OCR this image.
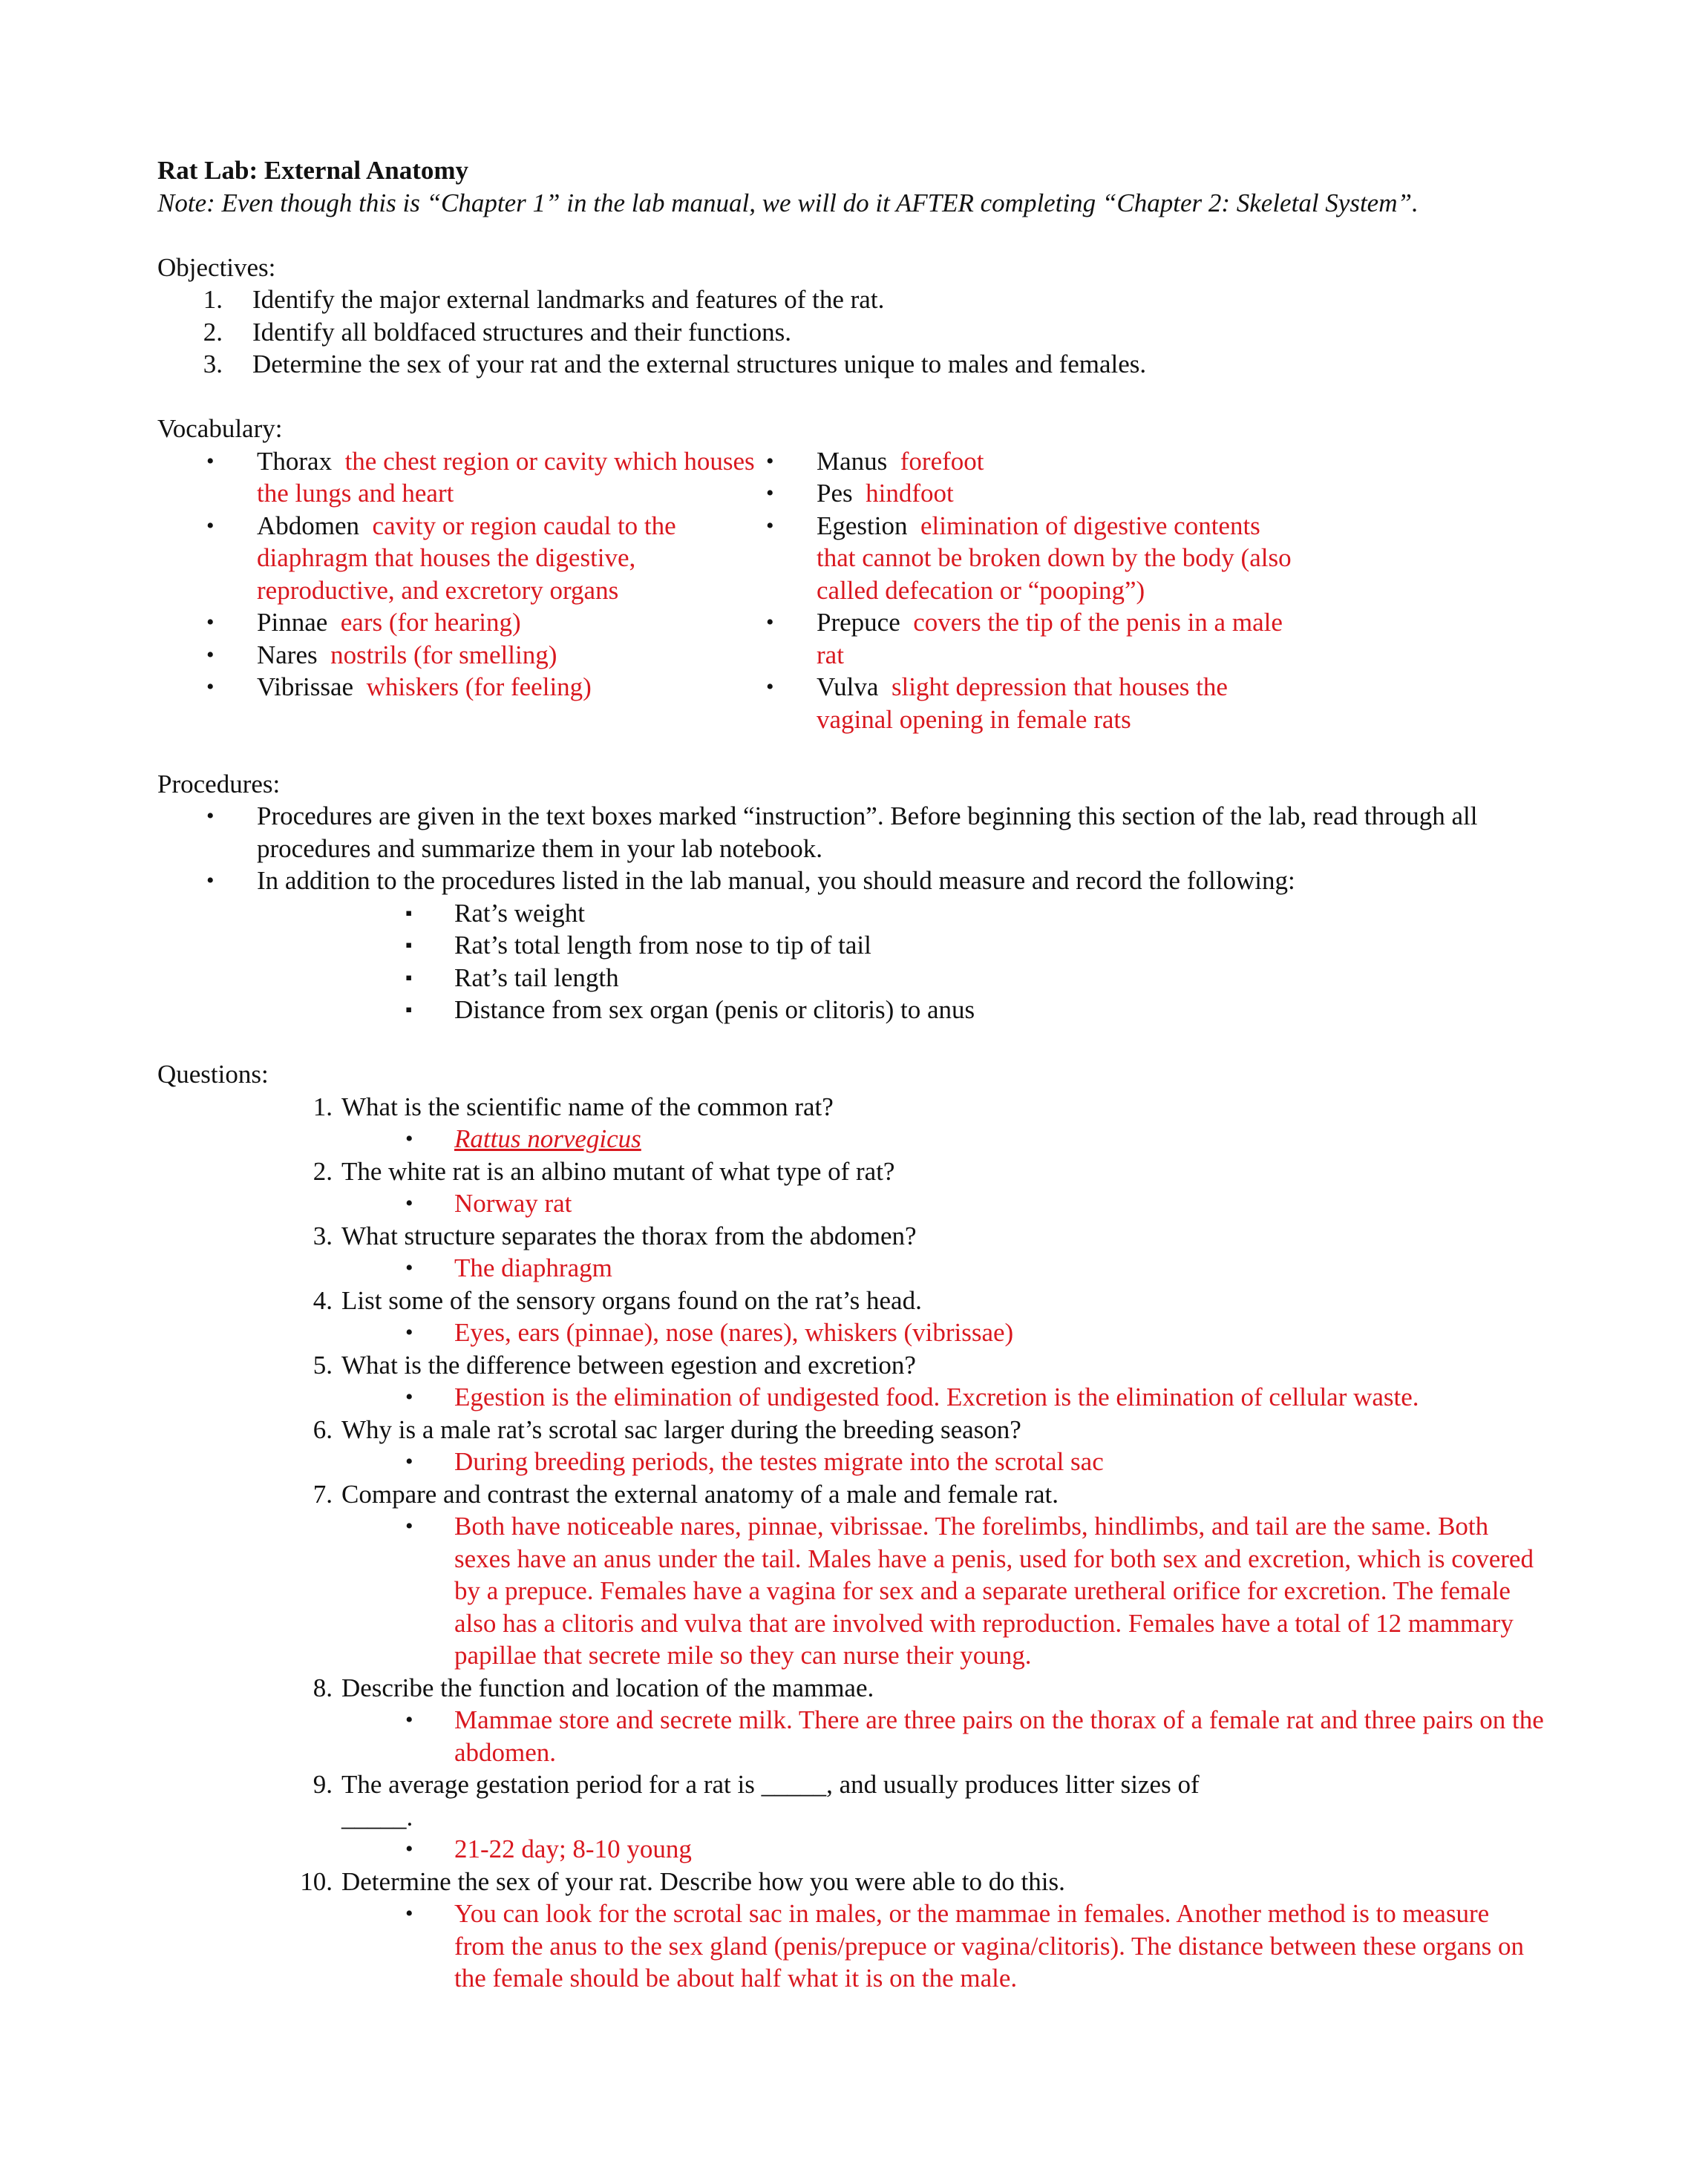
Rat Lab: External Anatomy
Note: Even though this is “Chapter 1” in the lab manual, we will do it AFTER completing “Chapter 2: Skeletal System”.
Objectives:
1. Identify the major external landmarks and features of the rat.
2. Identify all boldfaced structures and their functions.
3. Determine the sex of your rat and the external structures unique to males and females.
Vocabulary:
•	Thorax the chest region or cavity which houses the lungs and heart
•	Abdomen cavity or region caudal to the diaphragm that houses the digestive, reproductive, and excretory organs
•	Pinnae ears (for hearing)
•	Nares nostrils (for smelling)
•	Vibrissae whiskers (for feeling)
•	Manus forefoot
•	Pes hindfoot
•	Egestion elimination of digestive contents that cannot be broken down by the body (also called defecation or “pooping”)
•	Prepuce covers the tip of the penis in a male rat
•	Vulva slight depression that houses the vaginal opening in female rats
Procedures:
•	Procedures are given in the text boxes marked “instruction”. Before beginning this section of the lab, read through all procedures and summarize them in your lab notebook.
•	In addition to the procedures listed in the lab manual, you should measure and record the following:
▪	Rat’s weight
▪	Rat’s total length from nose to tip of tail
▪	Rat’s tail length
▪	Distance from sex organ (penis or clitoris) to anus
Questions:
1. What is the scientific name of the common rat?
•	Rattus norvegicus
2. The white rat is an albino mutant of what type of rat?
•	Norway rat
3. What structure separates the thorax from the abdomen?
•	The diaphragm
4. List some of the sensory organs found on the rat’s head.
•	Eyes, ears (pinnae), nose (nares), whiskers (vibrissae)
5. What is the difference between egestion and excretion?
•	Egestion is the elimination of undigested food. Excretion is the elimination of cellular waste.
6. Why is a male rat’s scrotal sac larger during the breeding season?
•	During breeding periods, the testes migrate into the scrotal sac
7. Compare and contrast the external anatomy of a male and female rat.
•	Both have noticeable nares, pinnae, vibrissae. The forelimbs, hindlimbs, and tail are the same. Both sexes have an anus under the tail. Males have a penis, used for both sex and excretion, which is covered by a prepuce. Females have a vagina for sex and a separate uretheral orifice for excretion. The female also has a clitoris and vulva that are involved with reproduction. Females have a total of 12 mammary papillae that secrete mile so they can nurse their young.
8. Describe the function and location of the mammae.
•	Mammae store and secrete milk. There are three pairs on the thorax of a female rat and three pairs on the abdomen.
9. The average gestation period for a rat is _____, and usually produces litter sizes of _____.
•	21-22 day; 8-10 young
10. Determine the sex of your rat. Describe how you were able to do this.
•	You can look for the scrotal sac in males, or the mammae in females. Another method is to measure from the anus to the sex gland (penis/prepuce or vagina/clitoris). The distance between these organs on the female should be about half what it is on the male.
